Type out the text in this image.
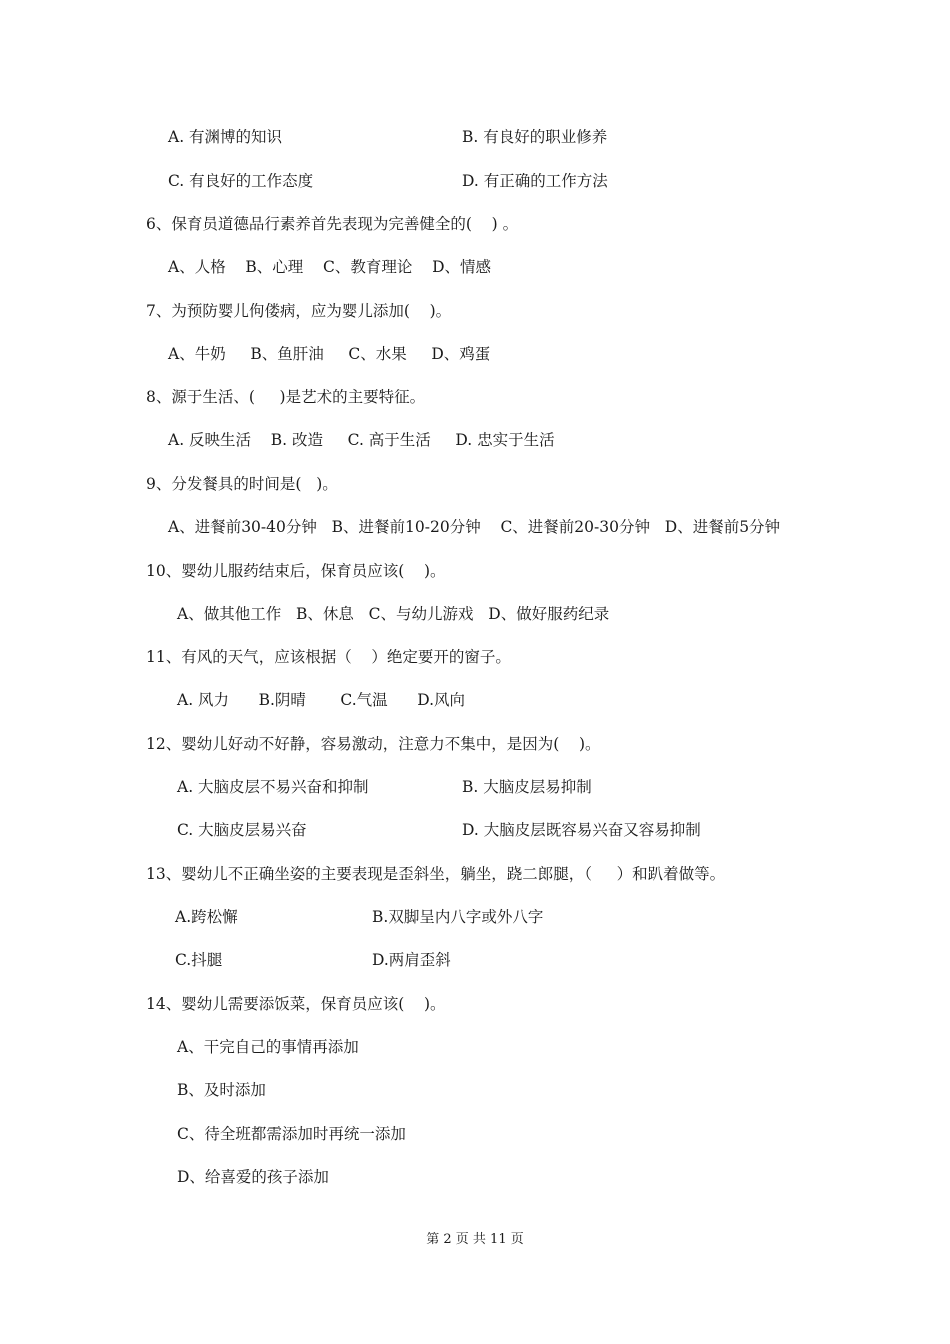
A. 有渊博的知识	B. 有良好的职业修养
C. 有良好的工作态度	D. 有正确的工作方法
6、保育员道德品行素养首先表现为完善健全的(    ) 。
A、人格    B、心理    C、教育理论    D、情感
7、为预防婴儿佝偻病，应为婴儿添加(    )。
A、牛奶     B、鱼肝油     C、水果     D、鸡蛋
8、源于生活、(     )是艺术的主要特征。
A. 反映生活    B. 改造     C. 高于生活     D. 忠实于生活
9、分发餐具的时间是(   )。
A、进餐前30-40分钟   B、进餐前10-20分钟    C、进餐前20-30分钟   D、进餐前5分钟
10、婴幼儿服药结束后，保育员应该(    )。
A、做其他工作   B、休息   C、与幼儿游戏   D、做好服药纪录
11、有风的天气，应该根据（    ）绝定要开的窗子。
A. 风力      B.阴晴       C.气温      D.风向
12、婴幼儿好动不好静，容易激动，注意力不集中，是因为(    )。
A. 大脑皮层不易兴奋和抑制	B. 大脑皮层易抑制
C. 大脑皮层易兴奋	D. 大脑皮层既容易兴奋又容易抑制
13、婴幼儿不正确坐姿的主要表现是歪斜坐，躺坐，跷二郎腿，（     ）和趴着做等。
A.跨松懈	B.双脚呈内八字或外八字
C.抖腿	D.两肩歪斜
14、婴幼儿需要添饭菜，保育员应该(    )。
A、干完自己的事情再添加
B、及时添加
C、待全班都需添加时再统一添加
D、给喜爱的孩子添加
第 2 页 共 11 页
